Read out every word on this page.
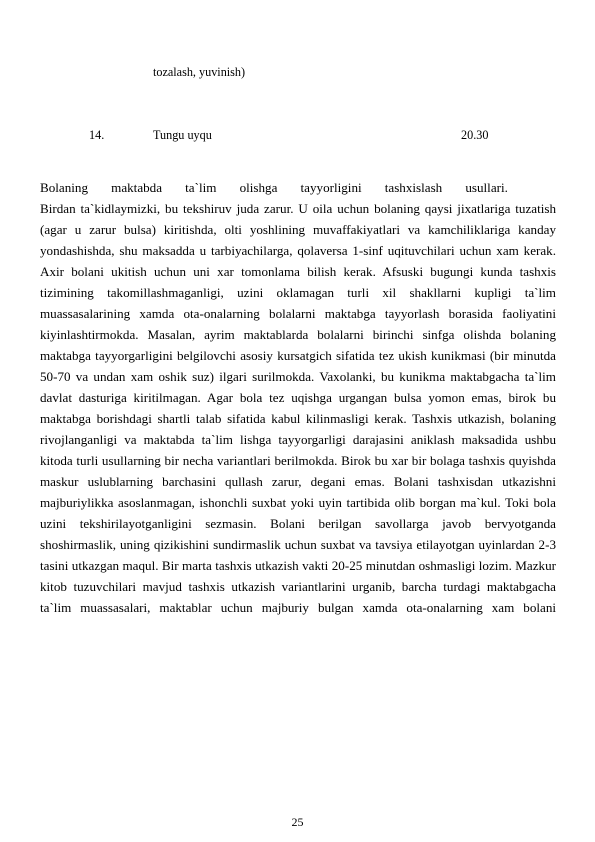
tozalash, yuvinish)
14.	Tungu uyqu	20.30
Bolaning maktabda ta`lim olishga tayyorligini tashxislash usullari.

Birdan ta`kidlaymizki, bu tekshiruv juda zarur. U oila uchun bolaning qaysi jixatlariga tuzatish (agar u zarur bulsa) kiritishda, olti yoshlining muvaffakiyatlari va kamchiliklariga kanday yondashishda, shu maksadda u tarbiyachilarga, qolaversa 1-sinf uqituvchilari uchun xam kerak. Axir bolani ukitish uchun uni xar tomonlama bilish kerak. Afsuski bugungi kunda tashxis tizimining takomillashmaganligi, uzini oklamagan turli xil shakllarni kupligi ta`lim muassasalarining xamda ota-onalarning bolalarni maktabga tayyorlash borasida faoliyatini kiyinlashtirmokda. Masalan, ayrim maktablarda bolalarni birinchi sinfga olishda bolaning maktabga tayyorgarligini belgilovchi asosiy kursatgich sifatida tez ukish kunikmasi (bir minutda 50-70 va undan xam oshik suz) ilgari surilmokda. Vaxolanki, bu kunikma maktabgacha ta`lim davlat dasturiga kiritilmagan. Agar bola tez uqishga urgangan bulsa yomon emas, birok bu maktabga borishdagi shartli talab sifatida kabul kilinmasligi kerak. Tashxis utkazish, bolaning rivojlanganligi va maktabda ta`lim lishga tayyorgarligi darajasini aniklash maksadida ushbu kitoda turli usullarning bir necha variantlari berilmokda. Birok bu xar bir bolaga tashxis quyishda maskur uslublarning barchasini qullash zarur, degani emas. Bolani tashxisdan utkazishni majburiylikka asoslanmagan, ishonchli suxbat yoki uyin tartibida olib borgan ma`kul. Toki bola uzini tekshirilayotganligini sezmasin. Bolani berilgan savollarga javob bervyotganda shoshirmaslik, uning qizikishini sundirmaslik uchun suxbat va tavsiya etilayotgan uyinlardan 2-3 tasini utkazgan maqul. Bir marta tashxis utkazish vakti 20-25 minutdan oshmasligi lozim. Mazkur kitob tuzuvchilari mavjud tashxis utkazish variantlarini urganib, barcha turdagi maktabgacha ta`lim muassasalari, maktablar uchun majburiy bulgan xamda ota-onalarning xam bolani

25
